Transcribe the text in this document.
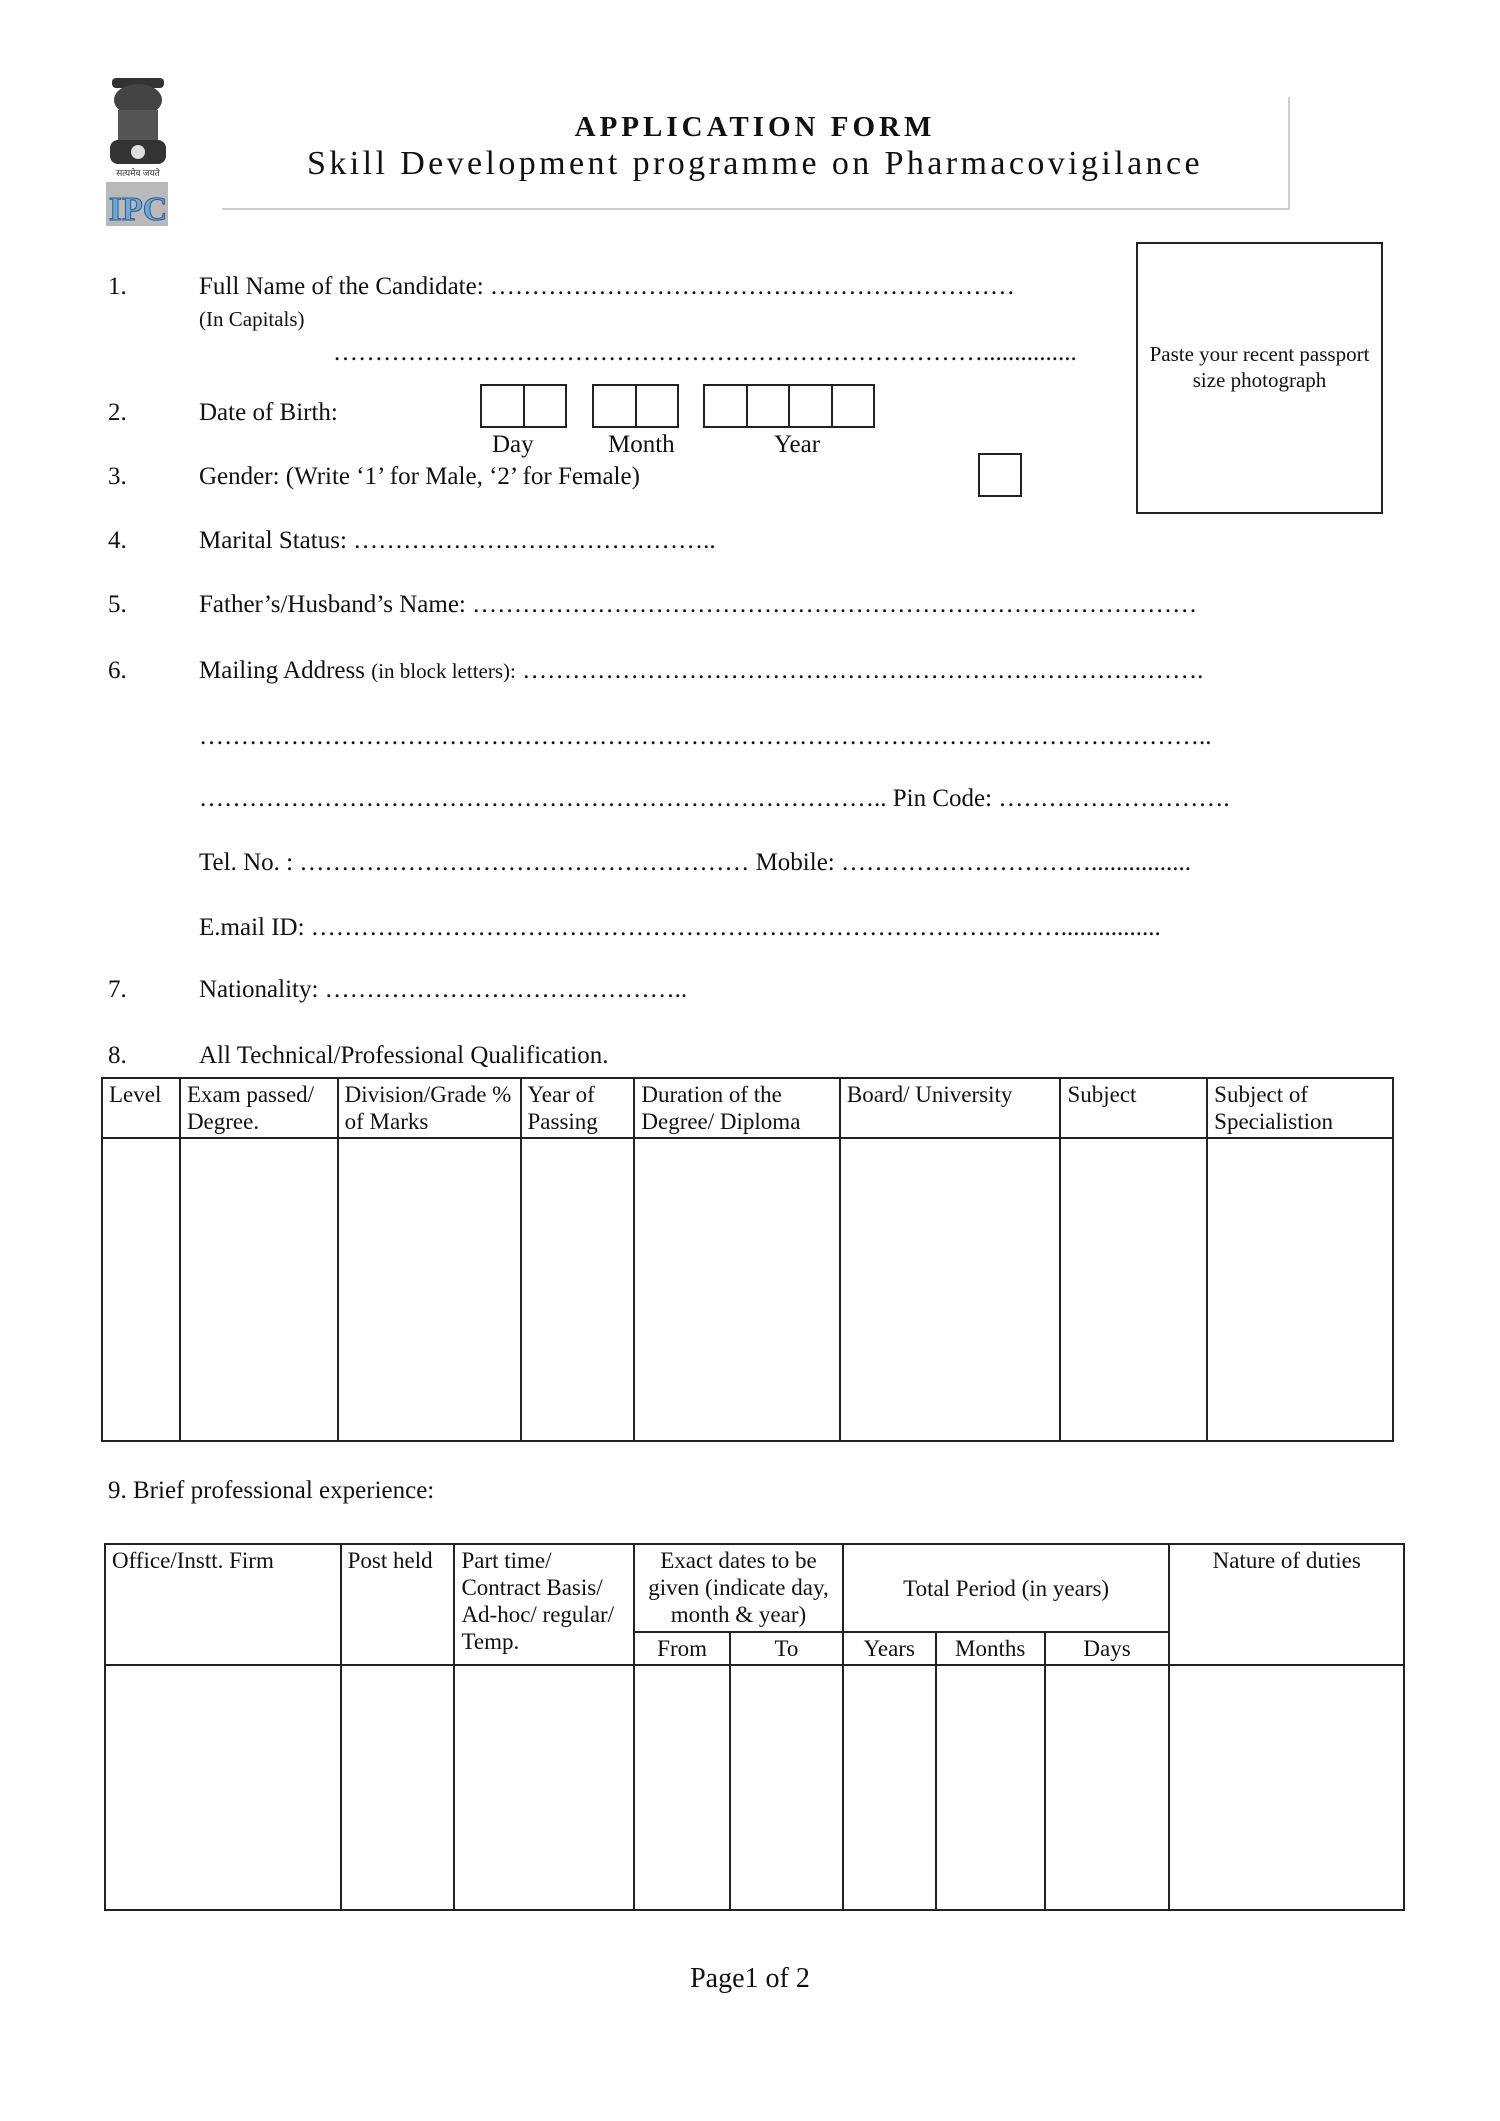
सत्यमेव जयते
IPC
APPLICATION FORM
Skill Development programme on Pharmacovigilance
Paste your recent passport size photograph
1.	Full Name of the Candidate: ………………………………………………………
(In Capitals)
……………………………………………………………………...............
2.	Date of Birth:
Day	Month	Year
3.	Gender: (Write ‘1’ for Male, ‘2’ for Female)
4.	Marital Status: ……………………………………..
5.	Father’s/Husband’s Name: ……………………………………………………………………………
6.	Mailing Address (in block letters): ……………………………………………………………………….
…………………………………………………………………………………………………………..
……………………………………………………………………….. Pin Code: ……………………….
Tel. No. : ……………………………………………… Mobile: …………………………................
E.mail ID: ………………………………………………………………………………................
7.	Nationality: ……………………………………..
8.	All Technical/Professional Qualification.
Level	Exam passed/ Degree.	Division/Grade % of Marks	Year of Passing	Duration of the Degree/ Diploma	Board/ University	Subject	Subject of Specialistion

9. Brief professional experience:
Office/Instt. Firm	Post held	Part time/ Contract Basis/ Ad-hoc/ regular/ Temp.	Exact dates to be given (indicate day, month & year)		Total Period (in years)			Nature of duties
			From	To	Years	Months	Days	

Page1 of 2
